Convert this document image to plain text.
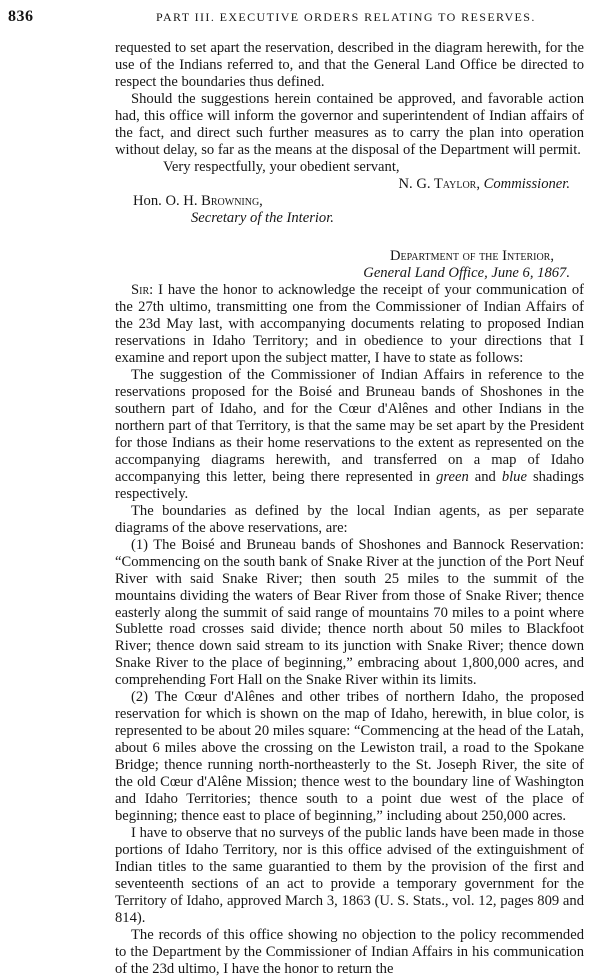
836	PART III. EXECUTIVE ORDERS RELATING TO RESERVES.

requested to set apart the reservation, described in the diagram herewith, for the use of the Indians referred to, and that the General Land Office be directed to respect the boundaries thus defined.

Should the suggestions herein contained be approved, and favorable action had, this office will inform the governor and superintendent of Indian affairs of the fact, and direct such further measures as to carry the plan into operation without delay, so far as the means at the disposal of the Department will permit.

Very respectfully, your obedient servant,

N. G. Taylor, Commissioner.

Hon. O. H. Browning,

Secretary of the Interior.

Department of the Interior,

General Land Office, June 6, 1867.

Sir: I have the honor to acknowledge the receipt of your communication of the 27th ultimo, transmitting one from the Commissioner of Indian Affairs of the 23d May last, with accompanying documents relating to proposed Indian reservations in Idaho Territory; and in obedience to your directions that I examine and report upon the subject matter, I have to state as follows:

The suggestion of the Commissioner of Indian Affairs in reference to the reservations proposed for the Boisé and Bruneau bands of Shoshones in the southern part of Idaho, and for the Cœur d'Alênes and other Indians in the northern part of that Territory, is that the same may be set apart by the President for those Indians as their home reservations to the extent as represented on the accompanying diagrams herewith, and transferred on a map of Idaho accompanying this letter, being there represented in green and blue shadings respectively.

The boundaries as defined by the local Indian agents, as per separate diagrams of the above reservations, are:

(1) The Boisé and Bruneau bands of Shoshones and Bannock Reservation: “Commencing on the south bank of Snake River at the junction of the Port Neuf River with said Snake River; then south 25 miles to the summit of the mountains dividing the waters of Bear River from those of Snake River; thence easterly along the summit of said range of mountains 70 miles to a point where Sublette road crosses said divide; thence north about 50 miles to Blackfoot River; thence down said stream to its junction with Snake River; thence down Snake River to the place of beginning,” embracing about 1,800,000 acres, and comprehending Fort Hall on the Snake River within its limits.

(2) The Cœur d'Alênes and other tribes of northern Idaho, the proposed reservation for which is shown on the map of Idaho, herewith, in blue color, is represented to be about 20 miles square: “Commencing at the head of the Latah, about 6 miles above the crossing on the Lewiston trail, a road to the Spokane Bridge; thence running north-northeasterly to the St. Joseph River, the site of the old Cœur d'Alêne Mission; thence west to the boundary line of Washington and Idaho Territories; thence south to a point due west of the place of beginning; thence east to place of beginning,” including about 250,000 acres.

I have to observe that no surveys of the public lands have been made in those portions of Idaho Territory, nor is this office advised of the extinguishment of Indian titles to the same guarantied to them by the provision of the first and seventeenth sections of an act to provide a temporary government for the Territory of Idaho, approved March 3, 1863 (U. S. Stats., vol. 12, pages 809 and 814).

The records of this office showing no objection to the policy recommended to the Department by the Commissioner of Indian Affairs in his communication of the 23d ultimo, I have the honor to return the
